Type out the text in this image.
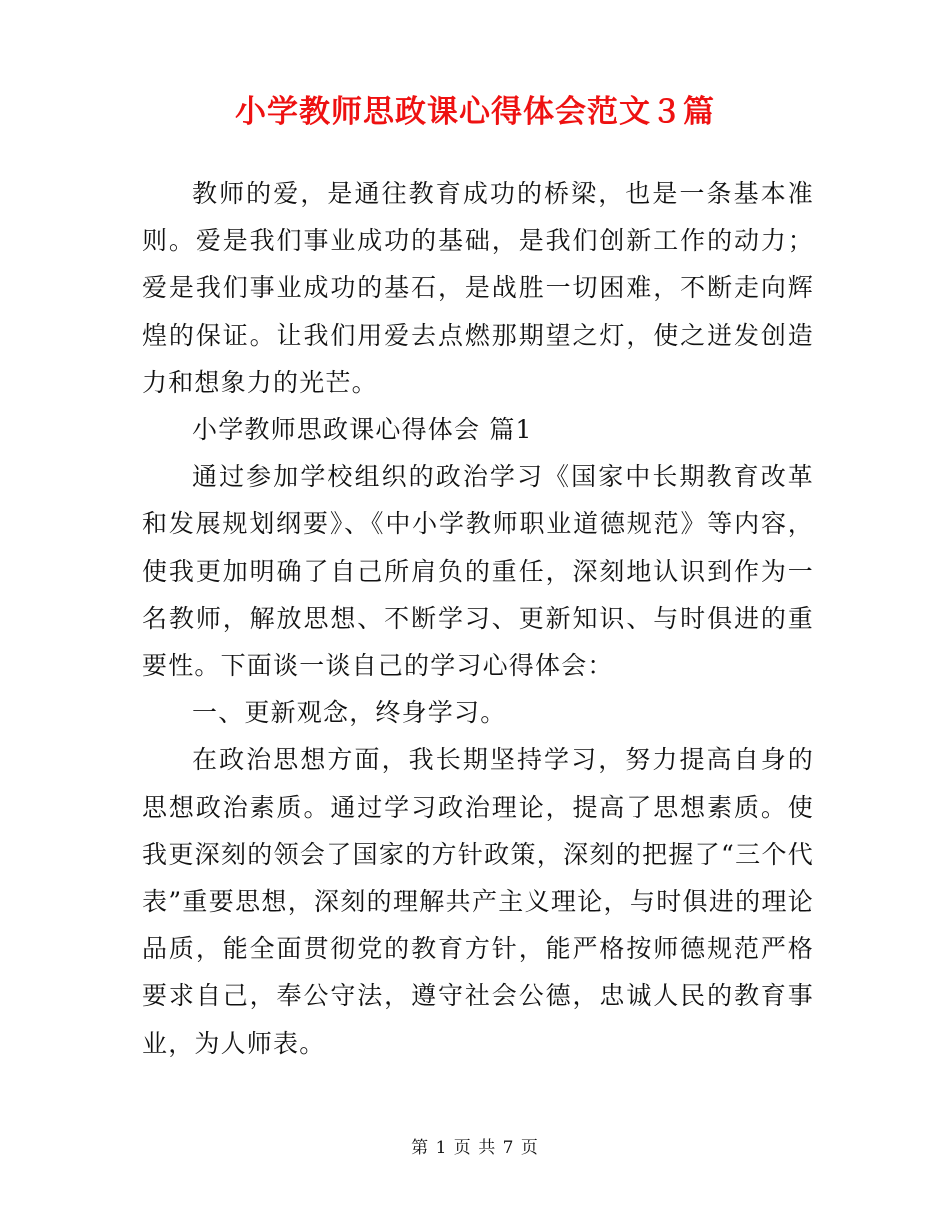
小学教师思政课心得体会范文３篇

教师的爱，是通往教育成功的桥梁，也是一条基本准则。爱是我们事业成功的基础，是我们创新工作的动力；爱是我们事业成功的基石，是战胜一切困难，不断走向辉煌的保证。让我们用爱去点燃那期望之灯，使之迸发创造力和想象力的光芒。

小学教师思政课心得体会 篇1

通过参加学校组织的政治学习《国家中长期教育改革和发展规划纲要》、《中小学教师职业道德规范》等内容，使我更加明确了自己所肩负的重任，深刻地认识到作为一名教师，解放思想、不断学习、更新知识、与时俱进的重要性。下面谈一谈自己的学习心得体会：

一、更新观念，终身学习。

在政治思想方面，我长期坚持学习，努力提高自身的思想政治素质。通过学习政治理论，提高了思想素质。使我更深刻的领会了国家的方针政策，深刻的把握了“三个代表”重要思想，深刻的理解共产主义理论，与时俱进的理论品质，能全面贯彻党的教育方针，能严格按师德规范严格要求自己，奉公守法，遵守社会公德，忠诚人民的教育事业，为人师表。

第 1 页 共 7 页
